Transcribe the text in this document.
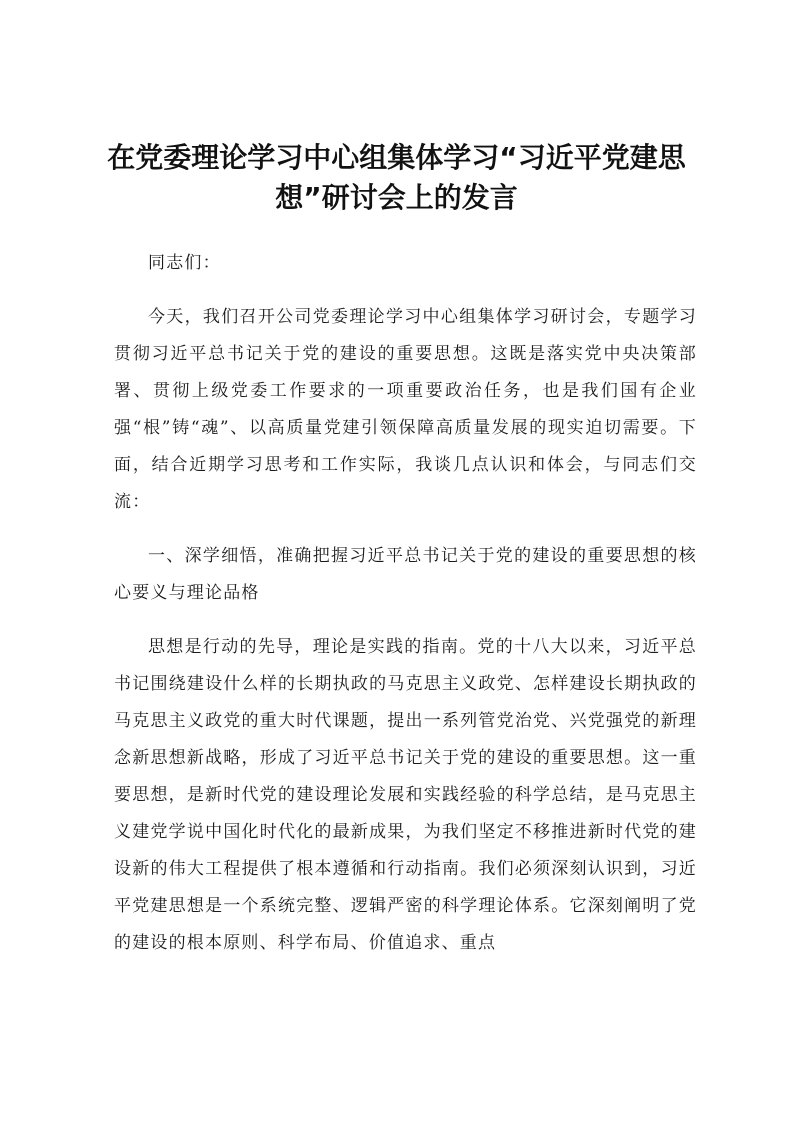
在党委理论学习中心组集体学习“习近平党建思想”研讨会上的发言

同志们：

今天，我们召开公司党委理论学习中心组集体学习研讨会，专题学习贯彻习近平总书记关于党的建设的重要思想。这既是落实党中央决策部署、贯彻上级党委工作要求的一项重要政治任务，也是我们国有企业强“根”铸“魂”、以高质量党建引领保障高质量发展的现实迫切需要。下面，结合近期学习思考和工作实际，我谈几点认识和体会，与同志们交流：

一、深学细悟，准确把握习近平总书记关于党的建设的重要思想的核心要义与理论品格

思想是行动的先导，理论是实践的指南。党的十八大以来，习近平总书记围绕建设什么样的长期执政的马克思主义政党、怎样建设长期执政的马克思主义政党的重大时代课题，提出一系列管党治党、兴党强党的新理念新思想新战略，形成了习近平总书记关于党的建设的重要思想。这一重要思想，是新时代党的建设理论发展和实践经验的科学总结，是马克思主义建党学说中国化时代化的最新成果，为我们坚定不移推进新时代党的建设新的伟大工程提供了根本遵循和行动指南。我们必须深刻认识到，习近平党建思想是一个系统完整、逻辑严密的科学理论体系。它深刻阐明了党的建设的根本原则、科学布局、价值追求、重点
